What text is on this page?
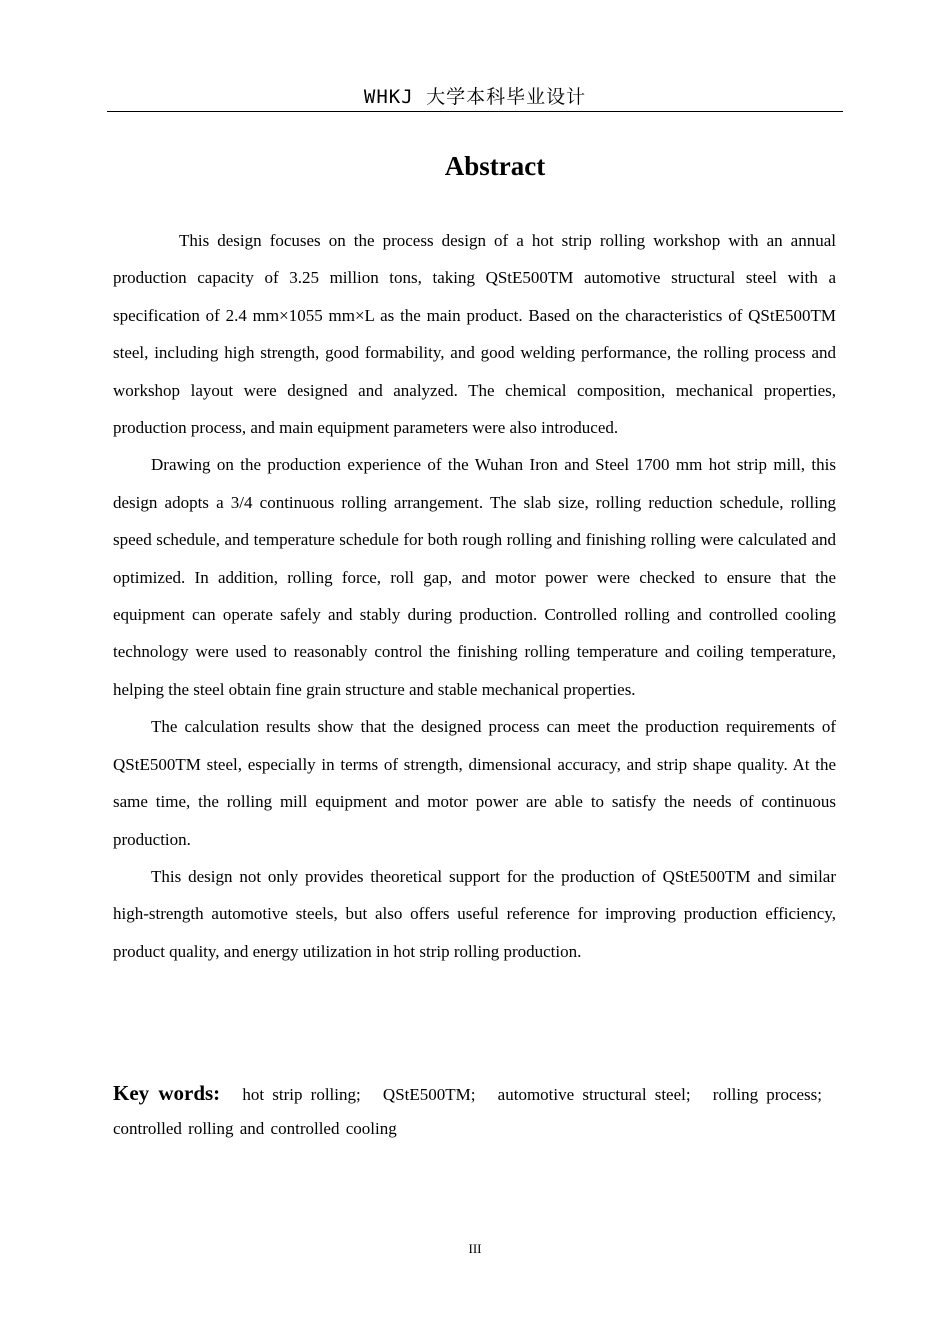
WHKJ 大学本科毕业设计
Abstract

This design focuses on the process design of a hot strip rolling workshop with an annual production capacity of 3.25 million tons, taking QStE500TM automotive structural steel with a specification of 2.4 mm×1055 mm×L as the main product. Based on the characteristics of QStE500TM steel, including high strength, good formability, and good welding performance, the rolling process and workshop layout were designed and analyzed. The chemical composition, mechanical properties, production process, and main equipment parameters were also introduced.

Drawing on the production experience of the Wuhan Iron and Steel 1700 mm hot strip mill, this design adopts a 3/4 continuous rolling arrangement. The slab size, rolling reduction schedule, rolling speed schedule, and temperature schedule for both rough rolling and finishing rolling were calculated and optimized. In addition, rolling force, roll gap, and motor power were checked to ensure that the equipment can operate safely and stably during production. Controlled rolling and controlled cooling technology were used to reasonably control the finishing rolling temperature and coiling temperature, helping the steel obtain fine grain structure and stable mechanical properties.

The calculation results show that the designed process can meet the production requirements of QStE500TM steel, especially in terms of strength, dimensional accuracy, and strip shape quality. At the same time, the rolling mill equipment and motor power are able to satisfy the needs of continuous production.

This design not only provides theoretical support for the production of QStE500TM and similar high-strength automotive steels, but also offers useful reference for improving production efficiency, product quality, and energy utilization in hot strip rolling production.

Key words: hot strip rolling; QStE500TM; automotive structural steel; rolling process; controlled rolling and controlled cooling
III
